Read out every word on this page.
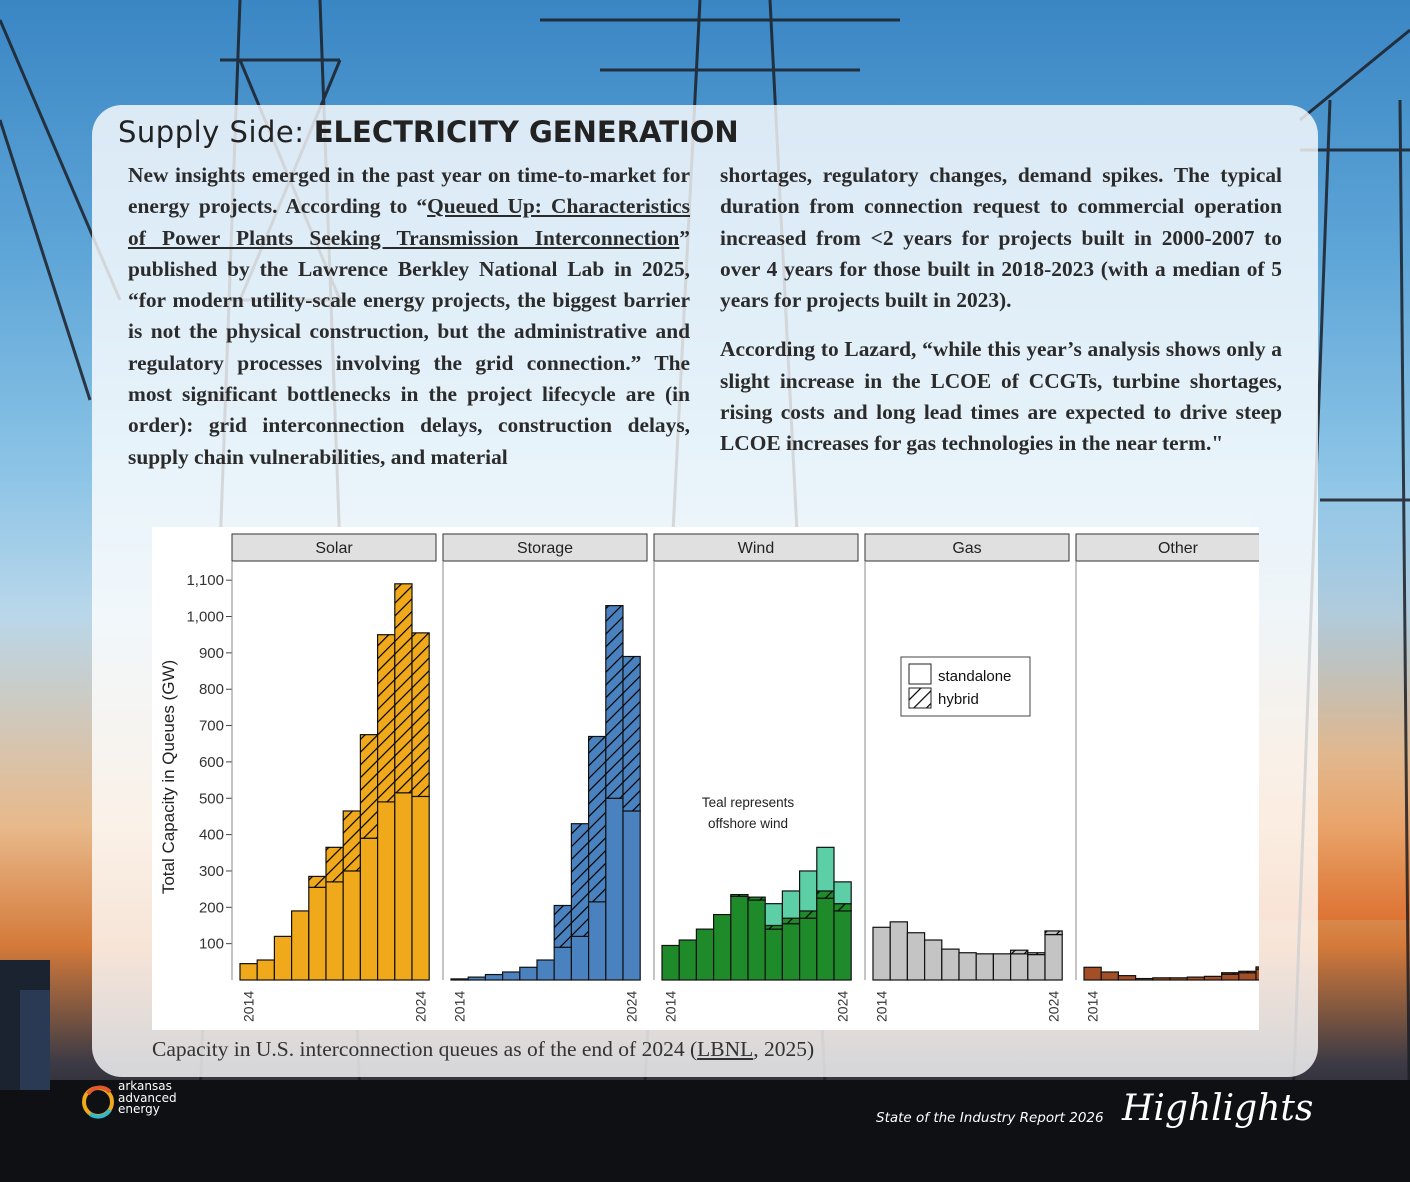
Supply Side: ELECTRICITY GENERATION

New insights emerged in the past year on time-to-market for energy projects. According to “Queued Up: Characteristics of Power Plants Seeking Transmission Interconnection” published by the Lawrence Berkley National Lab in 2025, “for modern utility-scale energy projects, the biggest barrier is not the physical construction, but the administrative and regulatory processes involving the grid connection.” The most significant bottlenecks in the project lifecycle are (in order): grid interconnection delays, construction delays, supply chain vulnerabilities, and material

shortages, regulatory changes, demand spikes. The typical duration from connection request to commercial operation increased from <2 years for projects built in 2000-2007 to over 4 years for those built in 2018-2023 (with a median of 5 years for projects built in 2023).

According to Lazard, “while this year’s analysis shows only a slight increase in the LCOE of CCGTs, turbine shortages, rising costs and long lead times are expected to drive steep LCOE increases for gas technologies in the near term."

Total Capacity in Queues (GW)
100
200
300
400
500
600
700
800
900
1,000
1,100
Solar
2014	2024
Storage
2014	2024
Wind
2014	2024
Gas
2014	2024
Other
2014
standalone
hybrid
Teal represents
offshore wind
Capacity in U.S. interconnection queues as of the end of 2024 (LBNL, 2025)
arkansas
advanced
energy
State of the Industry Report 2026 Highlights
